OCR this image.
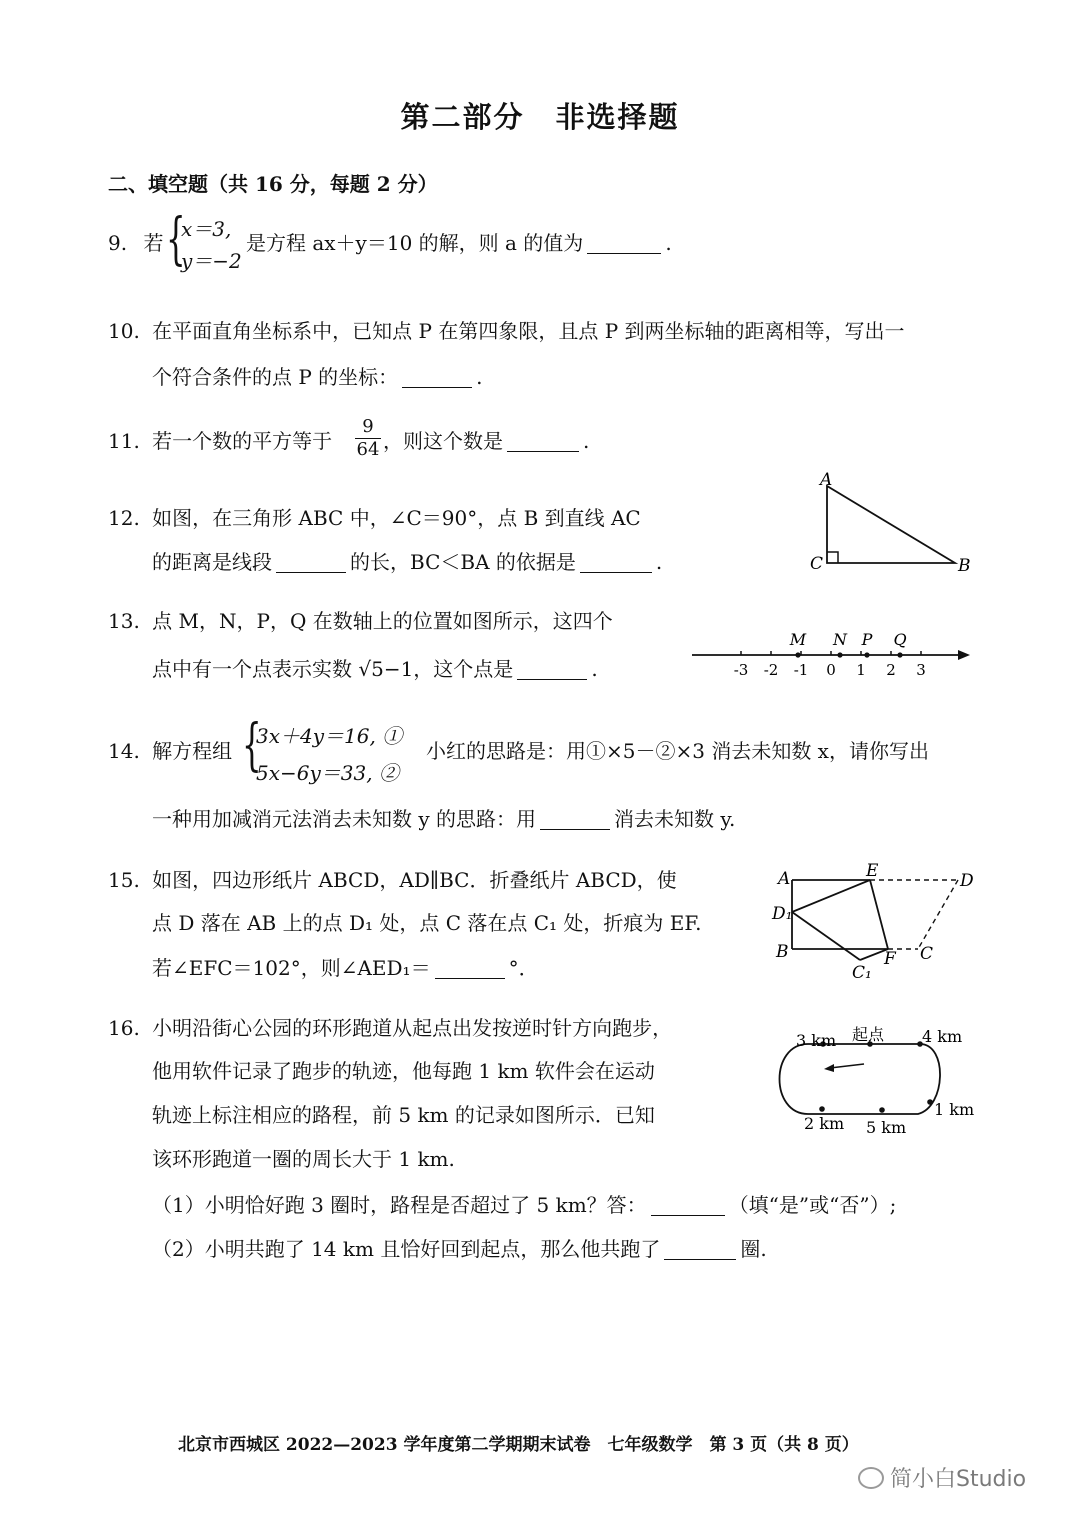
第二部分　非选择题
二、填空题（共 16 分，每题 2 分）
9. 若 {
x＝3,
y＝−2
是方程 ax＋y＝10 的解，则 a 的值为	.
10. 在平面直角坐标系中，已知点 P 在第四象限，且点 P 到两坐标轴的距离相等，写出一
个符合条件的点 P 的坐标：	.
11. 若一个数的平方等于 $\frac{9}{64}$ ，则这个数是	.
12. 如图，在三角形 ABC 中，∠C＝90°，点 B 到直线 AC
的距离是线段	的长，BC＜BA 的依据是	.
A
C	B
13. 点 M，N，P，Q 在数轴上的位置如图所示，这四个
点中有一个点表示实数 √5−1，这个点是	.	-3 -2 -1 0 1 2 3
M N P Q
14. 解方程组 {
3x＋4y＝16, ①
5x−6y＝33, ②
小红的思路是：用①×5－②×3 消去未知数 x，请你写出
一种用加减消元法消去未知数 y 的思路：用	消去未知数 y.
15. 如图，四边形纸片 ABCD，AD∥BC．折叠纸片 ABCD，使
点 D 落在 AB 上的点 D₁ 处，点 C 落在点 C₁ 处，折痕为 EF.
若∠EFC＝102°，则∠AED₁＝	°．
A	E	D
D₁
B	F C
C₁
16. 小明沿街心公园的环形跑道从起点出发按逆时针方向跑步，
他用软件记录了跑步的轨迹，他每跑 1 km 软件会在运动
轨迹上标注相应的路程，前 5 km 的记录如图所示．已知
该环形跑道一圈的周长大于 1 km.
（1）小明恰好跑 3 圈时，路程是否超过了 5 km？答：	（填“是”或“否”）;
（2）小明共跑了 14 km 且恰好回到起点，那么他共跑了	圈.
3 km 起点 4 km
1 km
2 km 5 km
北京市西城区 2022—2023 学年度第二学期期末试卷　七年级数学　第 3 页（共 8 页）
简小白Studio
